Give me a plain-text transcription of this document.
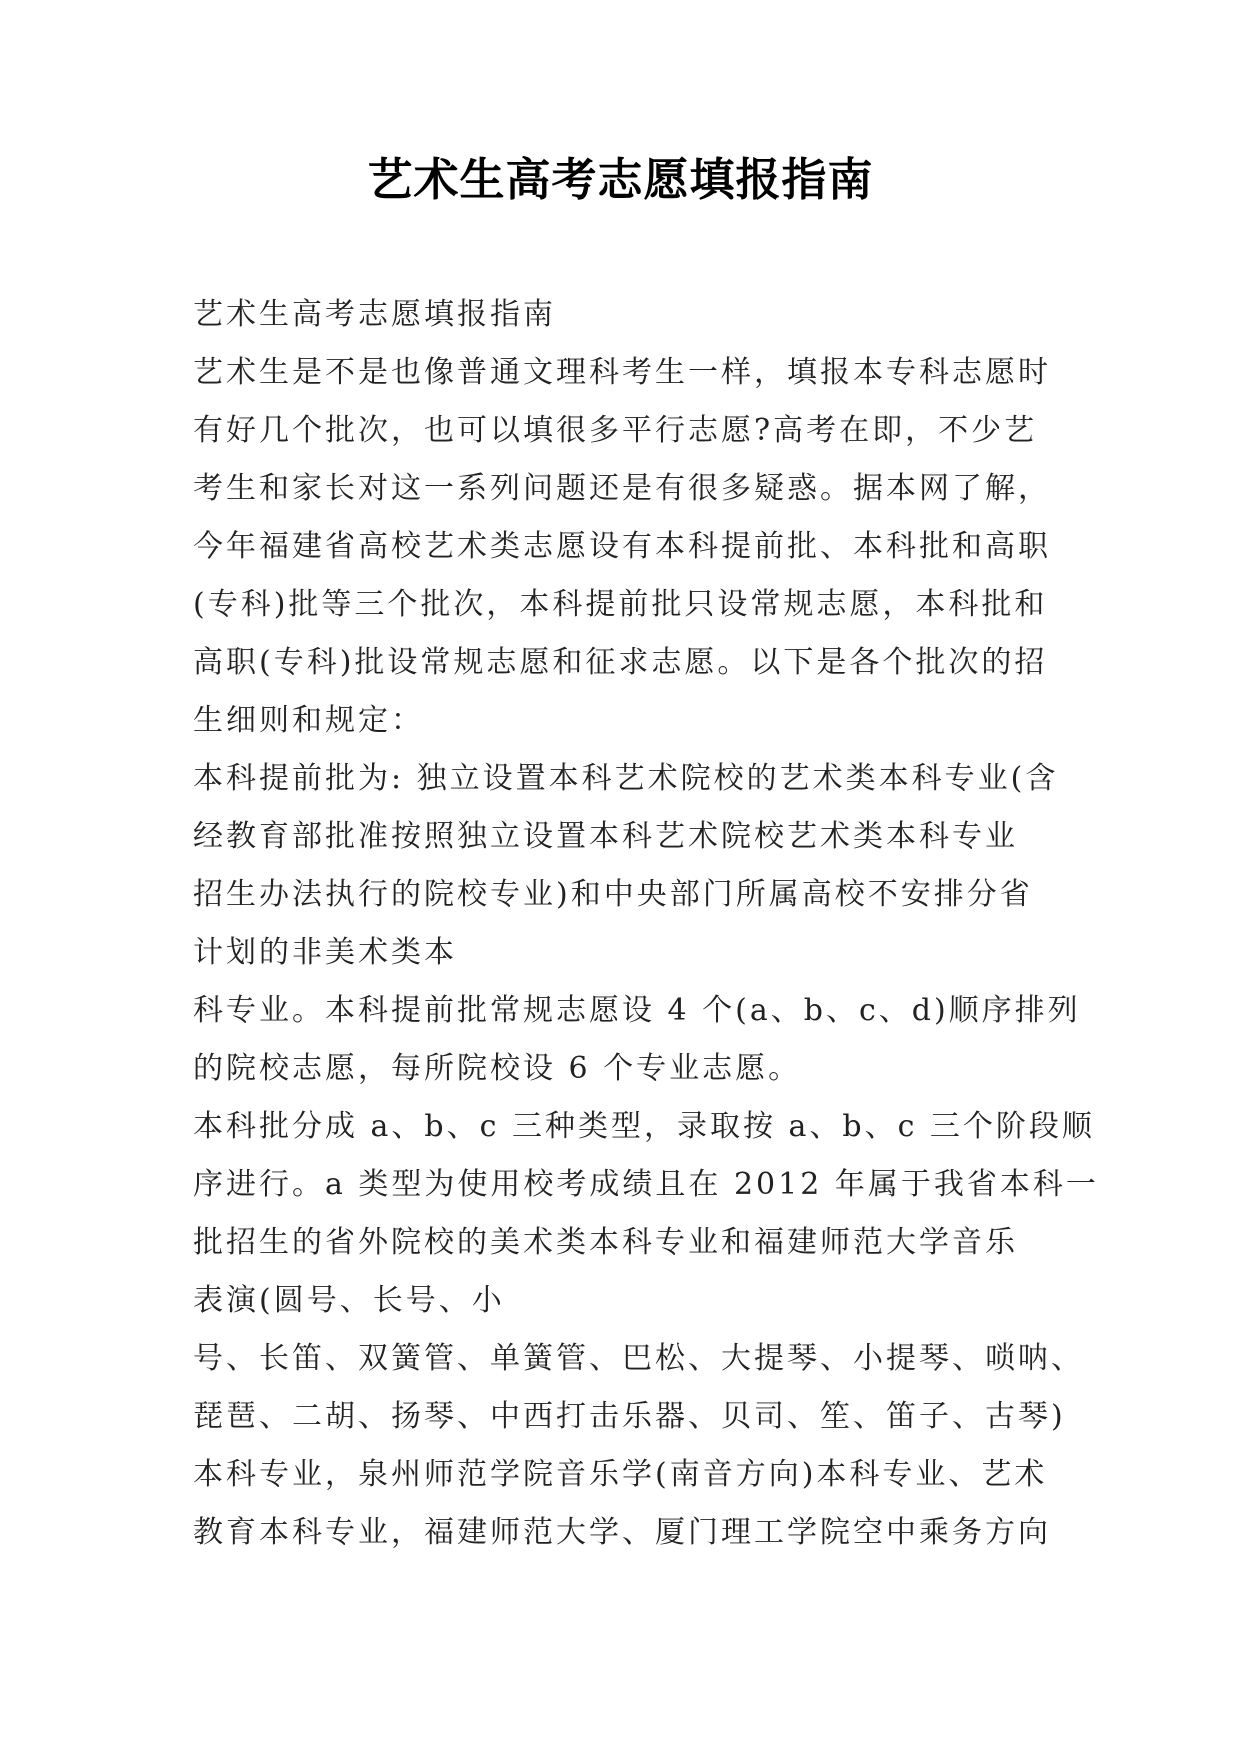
艺术生高考志愿填报指南
艺术生高考志愿填报指南
艺术生是不是也像普通文理科考生一样，填报本专科志愿时
有好几个批次，也可以填很多平行志愿?高考在即，不少艺
考生和家长对这一系列问题还是有很多疑惑。据本网了解，
今年福建省高校艺术类志愿设有本科提前批、本科批和高职
(专科)批等三个批次，本科提前批只设常规志愿，本科批和
高职(专科)批设常规志愿和征求志愿。以下是各个批次的招
生细则和规定：
本科提前批为: 独立设置本科艺术院校的艺术类本科专业(含
经教育部批准按照独立设置本科艺术院校艺术类本科专业
招生办法执行的院校专业)和中央部门所属高校不安排分省
计划的非美术类本
科专业。本科提前批常规志愿设 4 个(a、b、c、d)顺序排列
的院校志愿，每所院校设 6 个专业志愿。
本科批分成 a、b、c 三种类型，录取按 a、b、c 三个阶段顺
序进行。a 类型为使用校考成绩且在 2012 年属于我省本科一
批招生的省外院校的美术类本科专业和福建师范大学音乐
表演(圆号、长号、小
号、长笛、双簧管、单簧管、巴松、大提琴、小提琴、唢呐、
琵琶、二胡、扬琴、中西打击乐器、贝司、笙、笛子、古琴)
本科专业，泉州师范学院音乐学(南音方向)本科专业、艺术
教育本科专业，福建师范大学、厦门理工学院空中乘务方向
